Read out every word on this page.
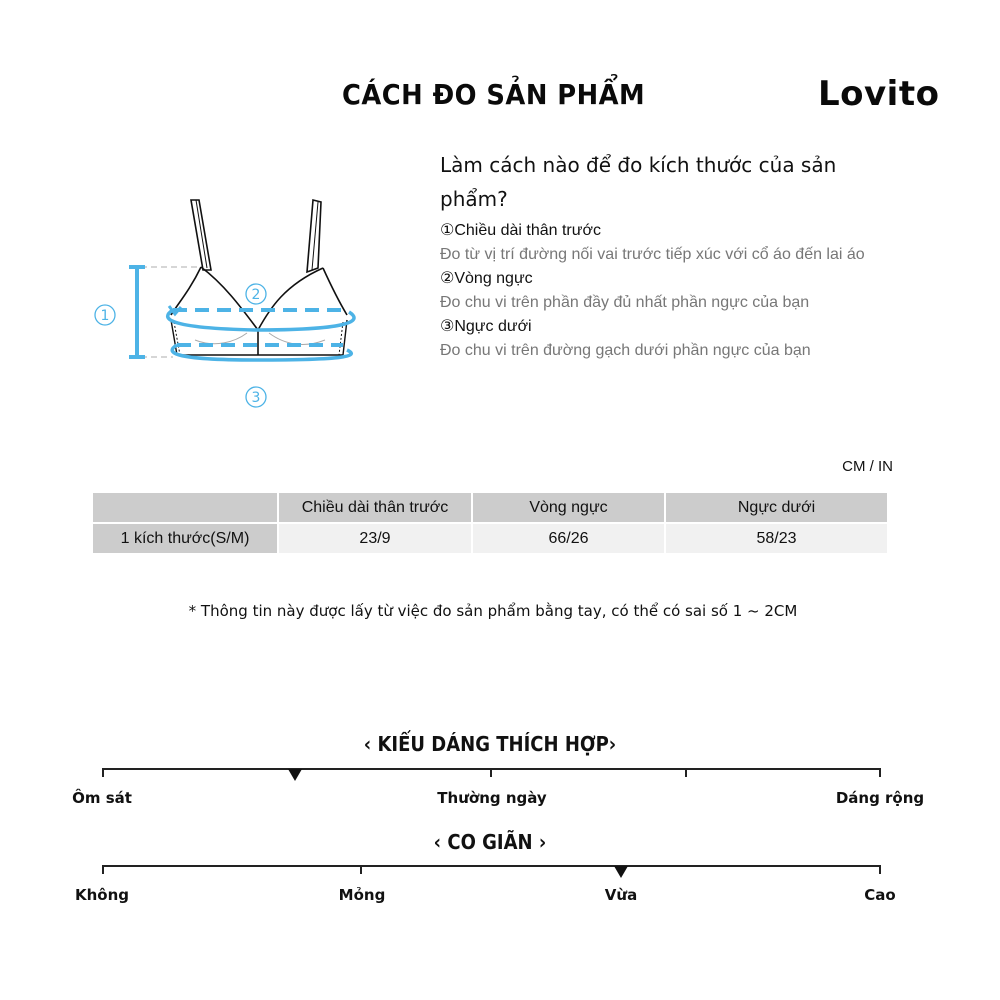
CÁCH ĐO SẢN PHẨM	Lovito
1
2
3
Làm cách nào để đo kích thước của sản phẩm?
①Chiều dài thân trước
Đo từ vị trí đường nối vai trước tiếp xúc với cổ áo đến lai áo
②Vòng ngực
Đo chu vi trên phần đầy đủ nhất phần ngực của bạn
③Ngực dưới
Đo chu vi trên đường gạch dưới phần ngực của bạn
CM / IN
	Chiều dài thân trước	Vòng ngực	Ngực dưới
1 kích thước(S/M)	23/9	66/26	58/23
* Thông tin này được lấy từ việc đo sản phẩm bằng tay, có thể có sai số 1 ~ 2CM
‹ KIỂU DÁNG THÍCH HỢP›
Ôm sát	Thường ngày	Dáng rộng
‹ CO GIÃN ›
Không	Mỏng	Vừa	Cao
